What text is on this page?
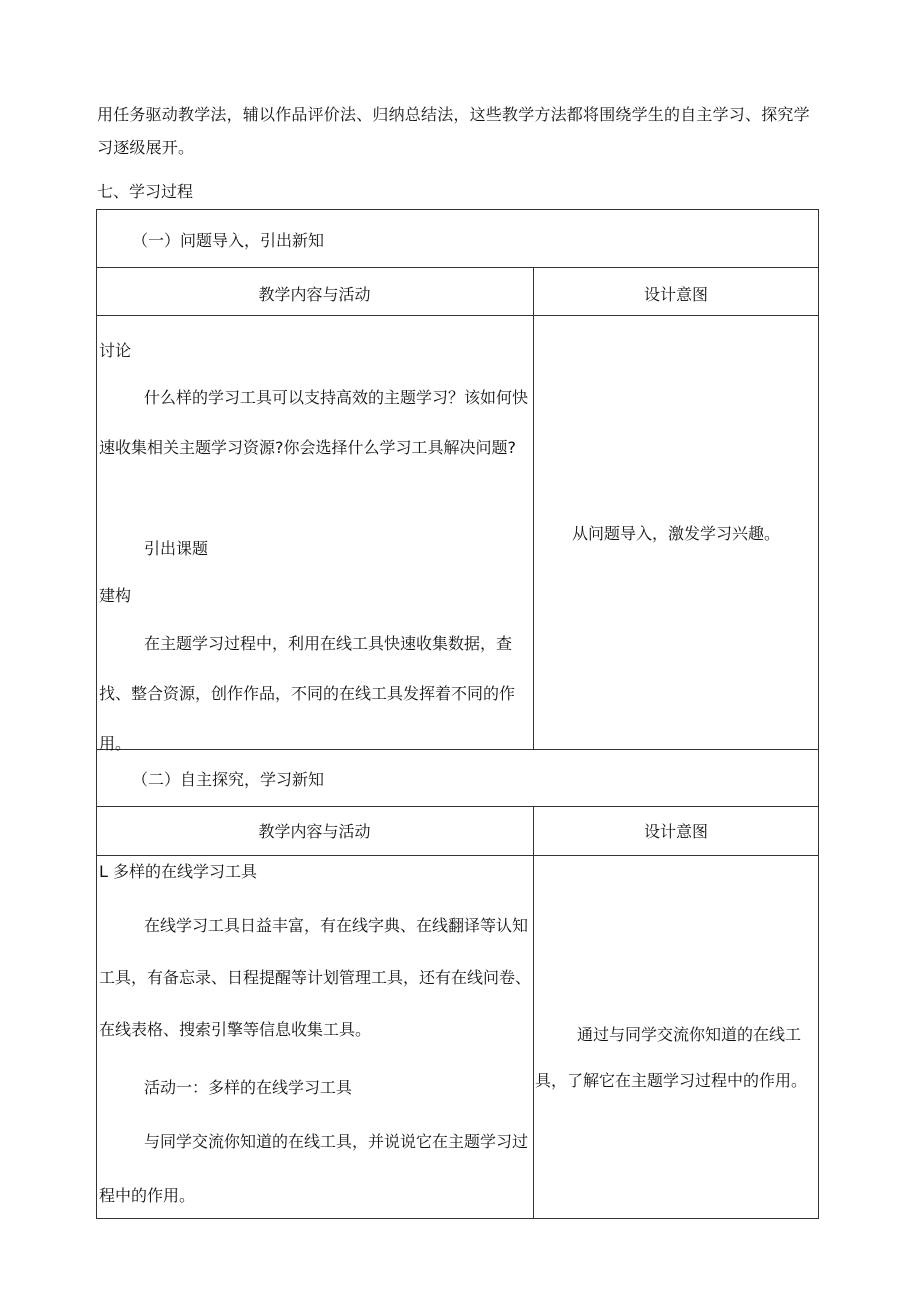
用任务驱动教学法，辅以作品评价法、归纳总结法，这些教学方法都将围绕学生的自主学习、探究学习逐级展开。
七、学习过程
（一）问题导入，引出新知
教学内容与活动	设计意图
讨论
什么样的学习工具可以支持高效的主题学习？该如何快速收集相关主题学习资源?你会选择什么学习工具解决问题?
引出课题
建构
在主题学习过程中，利用在线工具快速收集数据，查找、整合资源，创作作品，不同的在线工具发挥着不同的作用。
从问题导入，激发学习兴趣。
（二）自主探究，学习新知
教学内容与活动	设计意图
L 多样的在线学习工具
在线学习工具日益丰富，有在线字典、在线翻译等认知工具，有备忘录、日程提醒等计划管理工具，还有在线问卷、在线表格、搜索引擎等信息收集工具。
活动一：多样的在线学习工具
与同学交流你知道的在线工具，并说说它在主题学习过程中的作用。
通过与同学交流你知道的在线工具，了解它在主题学习过程中的作用。
